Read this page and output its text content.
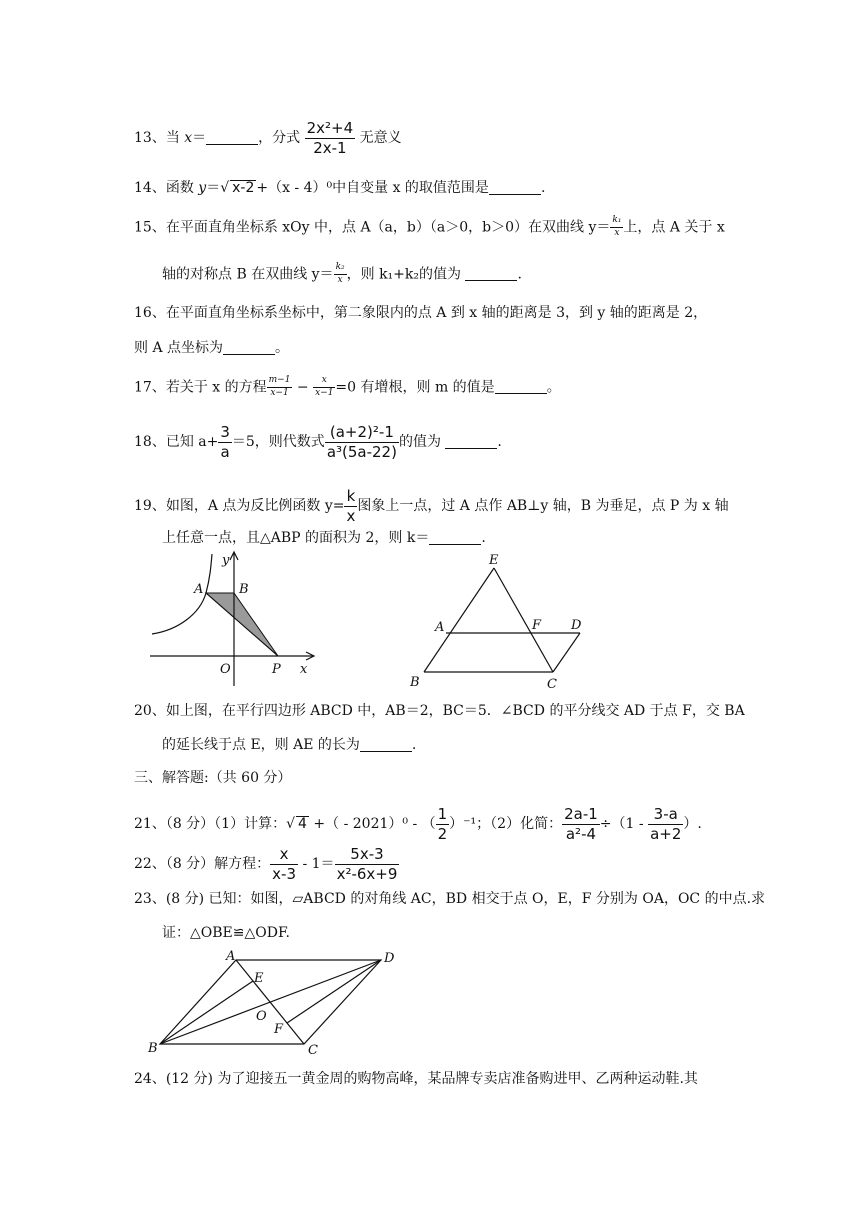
13、当 x＝	，分式 $\frac{\text{2x²+4}}{2x-1}$ 无意义
14、函数 y＝√ x-2 +（x - 4）⁰中自变量 x 的取值范围是	.
15、在平面直角坐标系 xOy 中，点 A（a，b）（a＞0，b＞0）在双曲线 $y= \frac{\text{k₁}}{x}$ 上，点 A 关于 x
轴的对称点 B 在双曲线 $y= \frac{\text{k₂}}{x}$ ，则 k₁+k₂的值为	.
16、在平面直角坐标系坐标中，第二象限内的点 A 到 x 轴的距离是 3，到 y 轴的距离是 2，
则 A 点坐标为	。
17、若关于 x 的方程 $\frac{m-1}{x-1} - \frac{x}{x-1} =0$ 有增根，则 m 的值是	。
18、已知 $a+ \frac{3}{a} =5$，则代数式 $\frac{\text{(a+2)²-1}}{\text{a³(5a-22)}}$ 的值为	.
19、如图，A 点为反比例函数 $y= \frac{k}{x}$ 图象上一点，过 A 点作 AB⊥y 轴，B 为垂足，点 P 为 x 轴
上任意一点，且△ABP 的面积为 2，则 k＝	.
y
A	B
O	P x
E
A	F D
B	C
20、如上图，在平行四边形 ABCD 中，AB＝2，BC＝5．∠BCD 的平分线交 AD 于点 F，交 BA
的延长线于点 E，则 AE 的长为	.
三、解答题:（共 60 分）
21、（8 分）（1）计算：√ 4 +（ - 2021）⁰ - （ $\frac{1}{2} )^{-1}$；（2）化简： $\frac{2a-1}{\text{a²-4}} \div(1 - \frac{3-a}{a+2}$ ）.
22、（8 分）解方程： $\frac{x}{x-3} - 1= \frac{5x-3}{\text{x²-6x+9}}$
23、(8 分) 已知：如图，▱ABCD 的对角线 AC，BD 相交于点 O，E，F 分别为 OA，OC 的中点.求
证：△OBE≌△ODF.
A	D
E
O
F
B	C
24、(12 分) 为了迎接五一黄金周的购物高峰，某品牌专卖店准备购进甲、乙两种运动鞋.其
